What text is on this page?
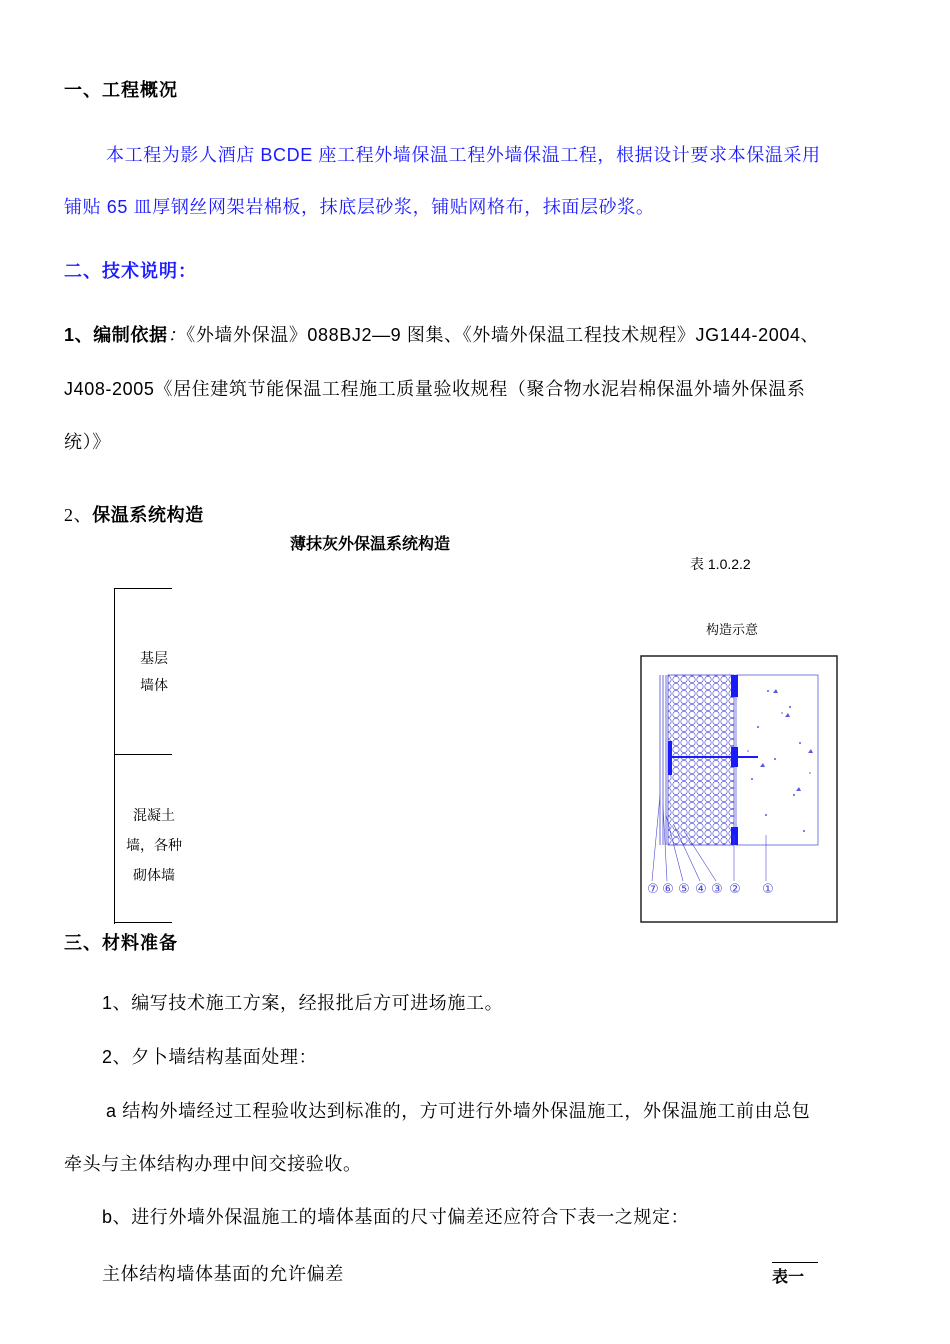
一、工程概况
本工程为影人酒店 BCDE 座工程外墙保温工程外墙保温工程，根据设计要求本保温采用
铺贴 65 皿厚钢丝网架岩棉板，抹底层砂浆，铺贴网格布，抹面层砂浆。
二、技术说明：
1、编制依据：《外墙外保温》088BJ2—9 图集、《外墙外保温工程技术规程》JG144-2004、
J408-2005《居住建筑节能保温工程施工质量验收规程（聚合物水泥岩棉保温外墙外保温系
统）》
2、保温系统构造
薄抹灰外保温系统构造
表 1.0.2.2
基层
墙体
混凝土
墙，各种
砌体墙
构造示意
⑦ ⑥ ⑤ ④ ③ ② ①
三、材料准备
1、编写技术施工方案，经报批后方可进场施工。
2、夕卜墙结构基面处理：
a 结构外墙经过工程验收达到标准的，方可进行外墙外保温施工，外保温施工前由总包
牵头与主体结构办理中间交接验收。
b、进行外墙外保温施工的墙体基面的尺寸偏差还应符合下表一之规定：
主体结构墙体基面的允许偏差	表一
